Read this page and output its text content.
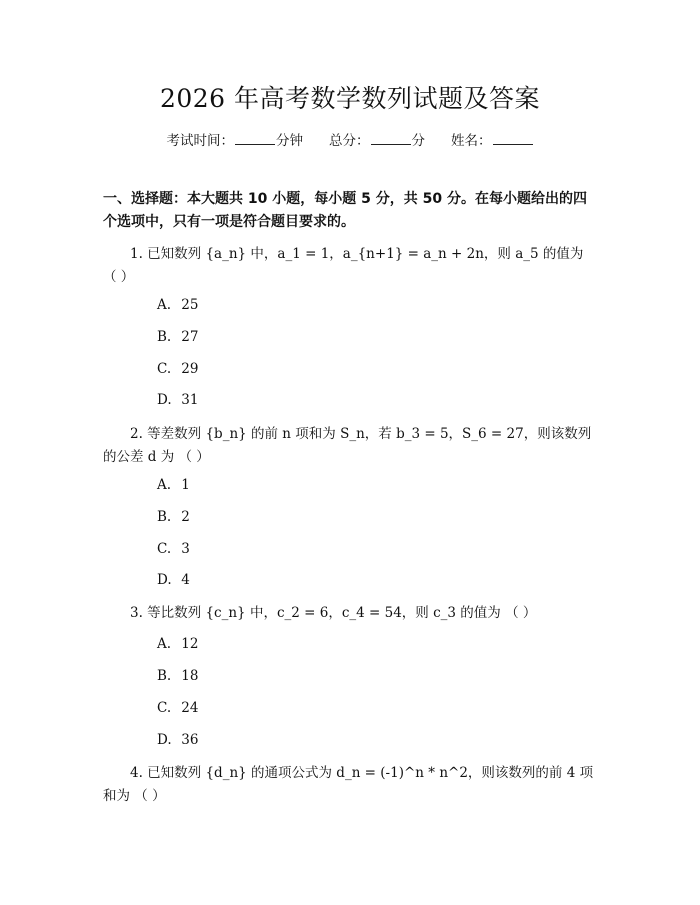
2026 年高考数学数列试题及答案
考试时间：	分钟 总分：	分 姓名：

一、选择题：本大题共 10 小题，每小题 5 分，共 50 分。在每小题给出的四个选项中，只有一项是符合题目要求的。

1. 已知数列 {a_n} 中，a_1 = 1，a_{n+1} = a_n + 2n，则 a_5 的值为 （ ）

A. 25
B. 27
C. 29
D. 31

2. 等差数列 {b_n} 的前 n 项和为 S_n，若 b_3 = 5，S_6 = 27，则该数列的公差 d 为 （ ）

A. 1
B. 2
C. 3
D. 4

3. 等比数列 {c_n} 中，c_2 = 6，c_4 = 54，则 c_3 的值为 （ ）

A. 12
B. 18
C. 24
D. 36

4. 已知数列 {d_n} 的通项公式为 d_n = (-1)^n * n^2，则该数列的前 4 项和为 （ ）
